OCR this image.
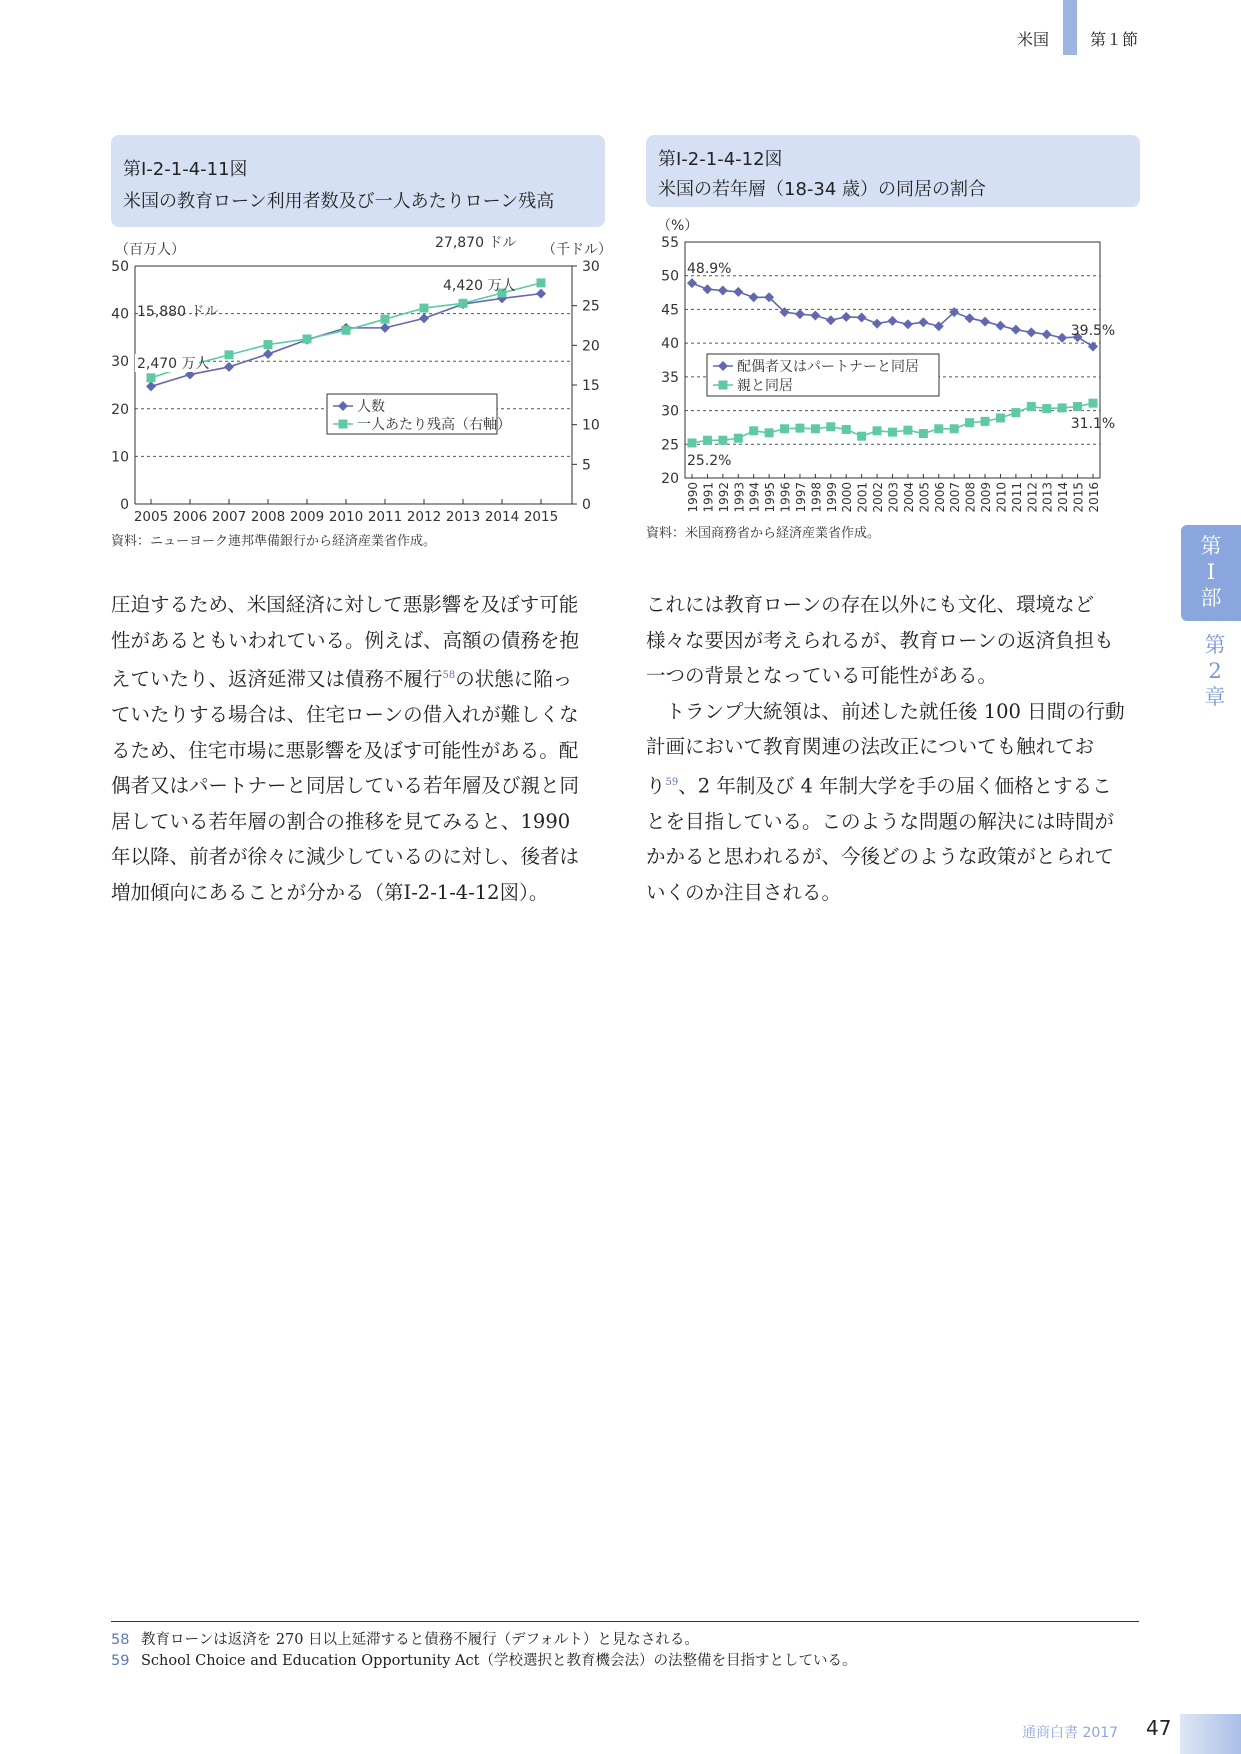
米国	第１節
第Ⅰ-2-1-4-11図
米国の教育ローン利用者数及び一人あたりローン残高
（百万人）	（千ドル）
0
10
20
30
40
50
0
5
10
15
20
25
30
2005 2006 2007 2008 2009 2010 2011 2012 2013 2014 2015
27,870 ドル
4,420 万人
15,880 ドル
2,470 万人
人数
一人あたり残高（右軸）
資料：ニューヨーク連邦準備銀行から経済産業省作成。
第Ⅰ-2-1-4-12図
米国の若年層（18-34 歳）の同居の割合
（%）
20
25
30
35
40
45
50
55
1990 1991 1992 1993 1994 1995 1996 1997 1998 1999 2000 2001 2002 2003 2004 2005 2006 2007 2008 2009 2010 2011 2012 2013 2014 2015 2016
48.9%
39.5%
31.1%
25.2%
配偶者又はパートナーと同居
親と同居
資料：米国商務省から経済産業省作成。
第
Ⅰ
部
第
2
章

圧迫するため、米国経済に対して悪影響を及ぼす可能

性があるともいわれている。例えば、高額の債務を抱

えていたり、返済延滞又は債務不履行$^{58}$の状態に陥っ

ていたりする場合は、住宅ローンの借入れが難しくな

るため、住宅市場に悪影響を及ぼす可能性がある。配

偶者又はパートナーと同居している若年層及び親と同

居している若年層の割合の推移を見てみると、1990

年以降、前者が徐々に減少しているのに対し、後者は

増加傾向にあることが分かる（第Ⅰ-2-1-4-12図）。

これには教育ローンの存在以外にも文化、環境など

様々な要因が考えられるが、教育ローンの返済負担も

一つの背景となっている可能性がある。

　トランプ大統領は、前述した就任後 100 日間の行動

計画において教育関連の法改正についても触れてお

り$^{59}$、2 年制及び 4 年制大学を手の届く価格とするこ

とを目指している。このような問題の解決には時間が

かかると思われるが、今後どのような政策がとられて

いくのか注目される。

58 教育ローンは返済を 270 日以上延滞すると債務不履行（デフォルト）と見なされる。
59 School Choice and Education Opportunity Act（学校選択と教育機会法）の法整備を目指すとしている。
通商白書 2017 47
